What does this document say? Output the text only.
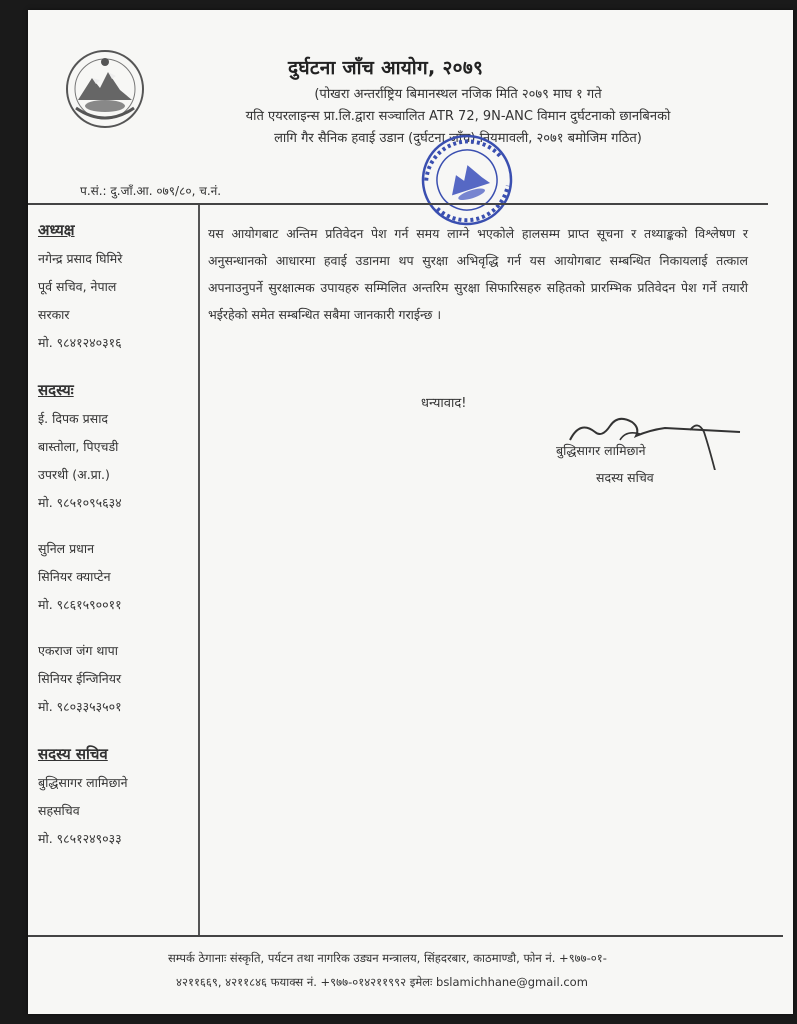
दुर्घटना जाँच आयोग, २०७९
(पोखरा अन्तर्राष्ट्रिय बिमानस्थल नजिक मिति २०७९ माघ १ गते
यति एयरलाइन्स प्रा.लि.द्वारा सञ्चालित ATR 72, 9N-ANC विमान दुर्घटनाको छानबिनको
लागि गैर सैनिक हवाई उडान (दुर्घटना जाँच) नियमावली, २०७१ बमोजिम गठित)
प.सं.: दु.जाँ.आ. ०७९/८०, च.नं.
अध्यक्ष
नगेन्द्र प्रसाद घिमिरे
पूर्व सचिव, नेपाल
सरकार
मो. ९८४१२४०३१६
सदस्यः
ई. दिपक प्रसाद
बास्तोला, पिएचडी
उपरथी (अ.प्रा.)
मो. ९८५१०९५६३४
सुनिल प्रधान
सिनियर क्याप्टेन
मो. ९८६१५९००११
एकराज जंग थापा
सिनियर ईन्जिनियर
मो. ९८०३३५३५०१
सदस्य सचिव
बुद्धिसागर लामिछाने
सहसचिव
मो. ९८५१२४९०३३
यस आयोगबाट अन्तिम प्रतिवेदन पेश गर्न समय लाग्ने भएकोले हालसम्म प्राप्त सूचना र तथ्याङ्कको विश्लेषण र अनुसन्धानको आधारमा हवाई उडानमा थप सुरक्षा अभिवृद्धि गर्न यस आयोगबाट सम्बन्धित निकायलाई तत्काल अपनाउनुपर्ने सुरक्षात्मक उपायहरु सम्मिलित अन्तरिम सुरक्षा सिफारिसहरु सहितको प्रारम्भिक प्रतिवेदन पेश गर्ने तयारी भईरहेको समेत सम्बन्धित सबैमा जानकारी गराईन्छ ।
धन्यावाद!
बुद्धिसागर लामिछाने
सदस्य सचिव
सम्पर्क ठेगानाः संस्कृति, पर्यटन तथा नागरिक उड्यन मन्त्रालय, सिंहदरबार, काठमाण्डौ, फोन नं. +९७७-०१-
४२११६६९, ४२११८४६ फयाक्स नं. +९७७-०१४२११९९२ इमेलः bslamichhane@gmail.com
